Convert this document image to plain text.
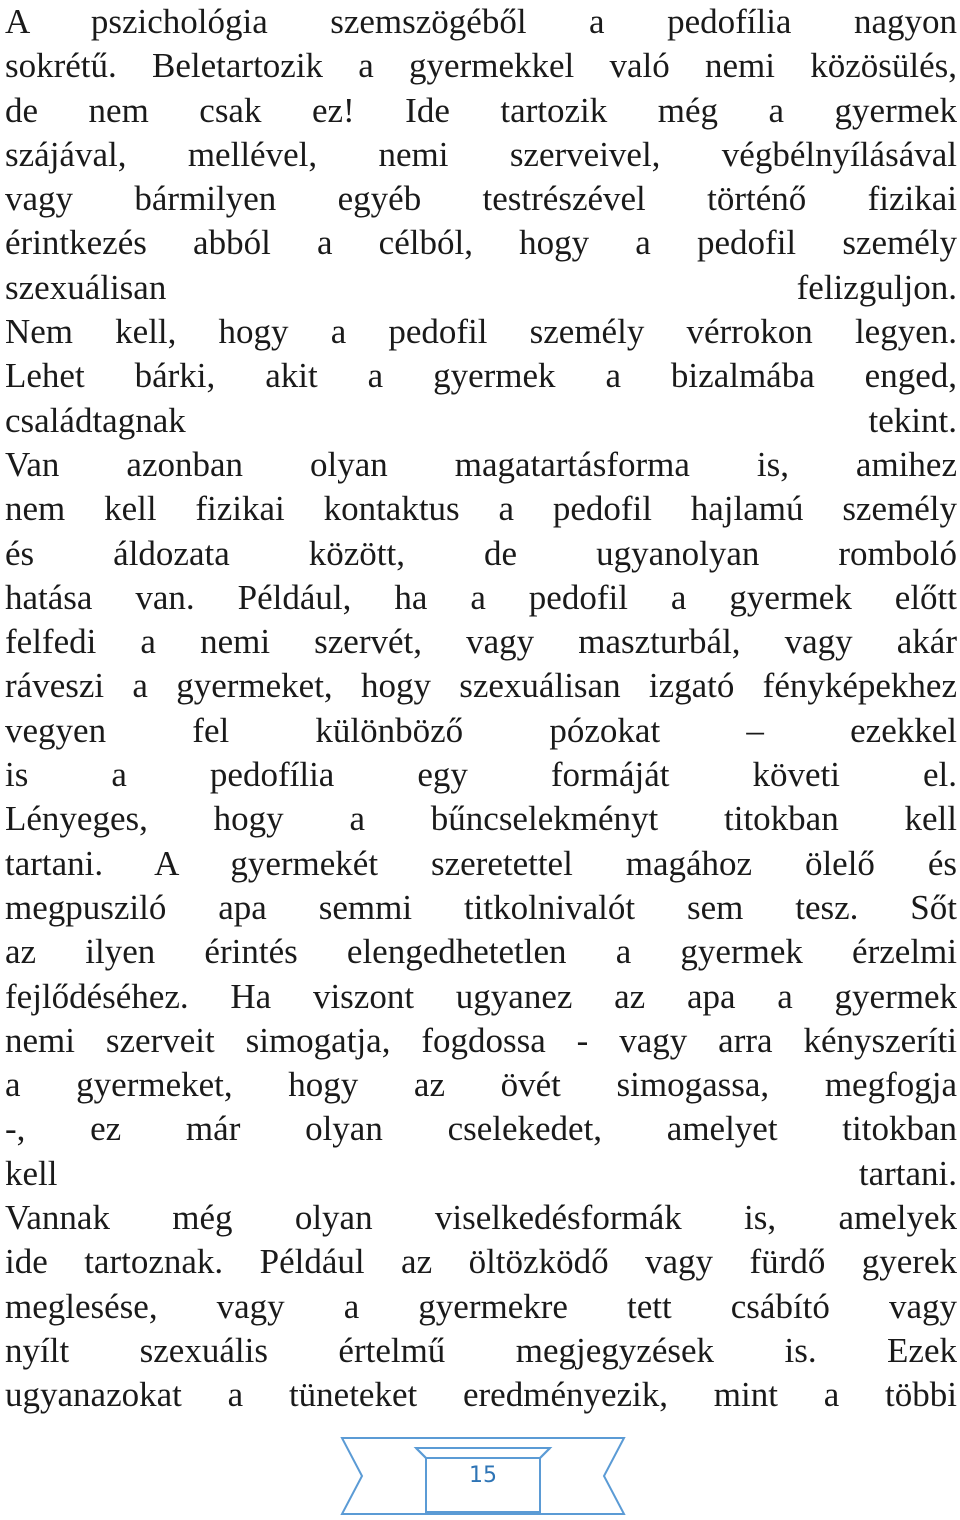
A pszichológia szemszögéből a pedofília nagyon
sokrétű. Beletartozik a gyermekkel való nemi közösülés,
de nem csak ez! Ide tartozik még a gyermek
szájával, mellével, nemi szerveivel, végbélnyílásával
vagy bármilyen egyéb testrészével történő fizikai
érintkezés abból a célból, hogy a pedofil személy
szexuálisan felizguljon.
Nem kell, hogy a pedofil személy vérrokon legyen.
Lehet bárki, akit a gyermek a bizalmába enged,
családtagnak tekint.
Van azonban olyan magatartásforma is, amihez
nem kell fizikai kontaktus a pedofil hajlamú személy
és áldozata között, de ugyanolyan romboló
hatása van. Például, ha a pedofil a gyermek előtt
felfedi a nemi szervét, vagy maszturbál, vagy akár
ráveszi a gyermeket, hogy szexuálisan izgató fényképekhez
vegyen fel különböző pózokat – ezekkel
is a pedofília egy formáját követi el.
Lényeges, hogy a bűncselekményt titokban kell
tartani. A gyermekét szeretettel magához ölelő és
megpusziló apa semmi titkolnivalót sem tesz. Sőt
az ilyen érintés elengedhetetlen a gyermek érzelmi
fejlődéséhez. Ha viszont ugyanez az apa a gyermek
nemi szerveit simogatja, fogdossa - vagy arra kényszeríti
a gyermeket, hogy az övét simogassa, megfogja
-, ez már olyan cselekedet, amelyet titokban
kell tartani.
Vannak még olyan viselkedésformák is, amelyek
ide tartoznak. Például az öltözködő vagy fürdő gyerek
meglesése, vagy a gyermekre tett csábító vagy
nyílt szexuális értelmű megjegyzések is. Ezek
ugyanazokat a tüneteket eredményezik, mint a többi
15
